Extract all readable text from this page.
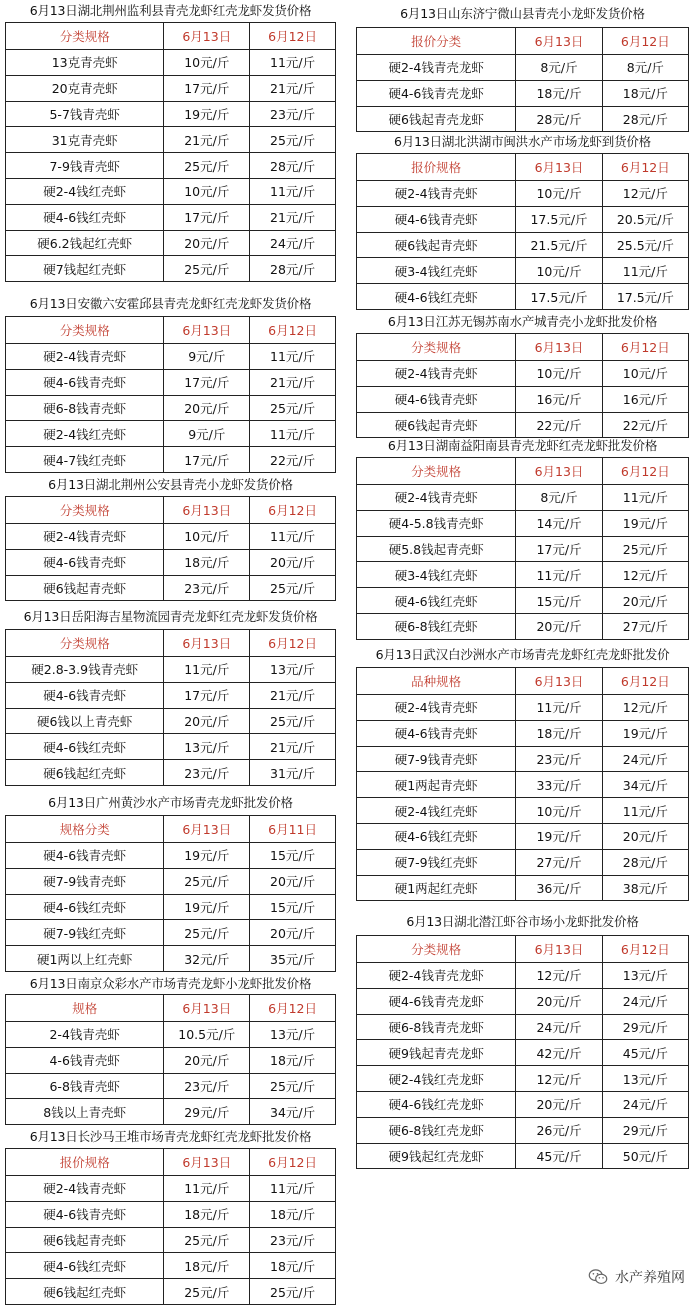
6月13日湖北荆州监利县青壳龙虾红壳龙虾发货价格
分类规格	6月13日	6月12日
13克青壳虾	10元/斤	11元/斤
20克青壳虾	17元/斤	21元/斤
5-7钱青壳虾	19元/斤	23元/斤
31克青壳虾	21元/斤	25元/斤
7-9钱青壳虾	25元/斤	28元/斤
硬2-4钱红壳虾	10元/斤	11元/斤
硬4-6钱红壳虾	17元/斤	21元/斤
硬6.2钱起红壳虾	20元/斤	24元/斤
硬7钱起红壳虾	25元/斤	28元/斤
6月13日安徽六安霍邱县青壳龙虾红壳龙虾发货价格
分类规格	6月13日	6月12日
硬2-4钱青壳虾	9元/斤	11元/斤
硬4-6钱青壳虾	17元/斤	21元/斤
硬6-8钱青壳虾	20元/斤	25元/斤
硬2-4钱红壳虾	9元/斤	11元/斤
硬4-7钱红壳虾	17元/斤	22元/斤
6月13日湖北荆州公安县青壳小龙虾发货价格
分类规格	6月13日	6月12日
硬2-4钱青壳虾	10元/斤	11元/斤
硬4-6钱青壳虾	18元/斤	20元/斤
硬6钱起青壳虾	23元/斤	25元/斤
6月13日岳阳海吉星物流园青壳龙虾红壳龙虾发货价格
分类规格	6月13日	6月12日
硬2.8-3.9钱青壳虾	11元/斤	13元/斤
硬4-6钱青壳虾	17元/斤	21元/斤
硬6钱以上青壳虾	20元/斤	25元/斤
硬4-6钱红壳虾	13元/斤	21元/斤
硬6钱起红壳虾	23元/斤	31元/斤
6月13日广州黄沙水产市场青壳龙虾批发价格
规格分类	6月13日	6月11日
硬4-6钱青壳虾	19元/斤	15元/斤
硬7-9钱青壳虾	25元/斤	20元/斤
硬4-6钱红壳虾	19元/斤	15元/斤
硬7-9钱红壳虾	25元/斤	20元/斤
硬1两以上红壳虾	32元/斤	35元/斤
6月13日南京众彩水产市场青壳龙虾小龙虾批发价格
规格	6月13日	6月12日
2-4钱青壳虾	10.5元/斤	13元/斤
4-6钱青壳虾	20元/斤	18元/斤
6-8钱青壳虾	23元/斤	25元/斤
8钱以上青壳虾	29元/斤	34元/斤
6月13日长沙马王堆市场青壳龙虾红壳龙虾批发价格
报价规格	6月13日	6月12日
硬2-4钱青壳虾	11元/斤	11元/斤
硬4-6钱青壳虾	18元/斤	18元/斤
硬6钱起青壳虾	25元/斤	23元/斤
硬4-6钱红壳虾	18元/斤	18元/斤
硬6钱起红壳虾	25元/斤	25元/斤
6月13日山东济宁微山县青壳小龙虾发货价格
报价分类	6月13日	6月12日
硬2-4钱青壳龙虾	8元/斤	8元/斤
硬4-6钱青壳龙虾	18元/斤	18元/斤
硬6钱起青壳龙虾	28元/斤	28元/斤
6月13日湖北洪湖市闽洪水产市场龙虾到货价格
报价规格	6月13日	6月12日
硬2-4钱青壳虾	10元/斤	12元/斤
硬4-6钱青壳虾	17.5元/斤	20.5元/斤
硬6钱起青壳虾	21.5元/斤	25.5元/斤
硬3-4钱红壳虾	10元/斤	11元/斤
硬4-6钱红壳虾	17.5元/斤	17.5元/斤
6月13日江苏无锡苏南水产城青壳小龙虾批发价格
分类规格	6月13日	6月12日
硬2-4钱青壳虾	10元/斤	10元/斤
硬4-6钱青壳虾	16元/斤	16元/斤
硬6钱起青壳虾	22元/斤	22元/斤
6月13日湖南益阳南县青壳龙虾红壳龙虾批发价格
分类规格	6月13日	6月12日
硬2-4钱青壳虾	8元/斤	11元/斤
硬4-5.8钱青壳虾	14元/斤	19元/斤
硬5.8钱起青壳虾	17元/斤	25元/斤
硬3-4钱红壳虾	11元/斤	12元/斤
硬4-6钱红壳虾	15元/斤	20元/斤
硬6-8钱红壳虾	20元/斤	27元/斤
6月13日武汉白沙洲水产市场青壳龙虾红壳龙虾批发价
品种规格	6月13日	6月12日
硬2-4钱青壳虾	11元/斤	12元/斤
硬4-6钱青壳虾	18元/斤	19元/斤
硬7-9钱青壳虾	23元/斤	24元/斤
硬1两起青壳虾	33元/斤	34元/斤
硬2-4钱红壳虾	10元/斤	11元/斤
硬4-6钱红壳虾	19元/斤	20元/斤
硬7-9钱红壳虾	27元/斤	28元/斤
硬1两起红壳虾	36元/斤	38元/斤
6月13日湖北潜江虾谷市场小龙虾批发价格
分类规格	6月13日	6月12日
硬2-4钱青壳龙虾	12元/斤	13元/斤
硬4-6钱青壳龙虾	20元/斤	24元/斤
硬6-8钱青壳龙虾	24元/斤	29元/斤
硬9钱起青壳龙虾	42元/斤	45元/斤
硬2-4钱红壳龙虾	12元/斤	13元/斤
硬4-6钱红壳龙虾	20元/斤	24元/斤
硬6-8钱红壳龙虾	26元/斤	29元/斤
硬9钱起红壳龙虾	45元/斤	50元/斤
水产养殖网
